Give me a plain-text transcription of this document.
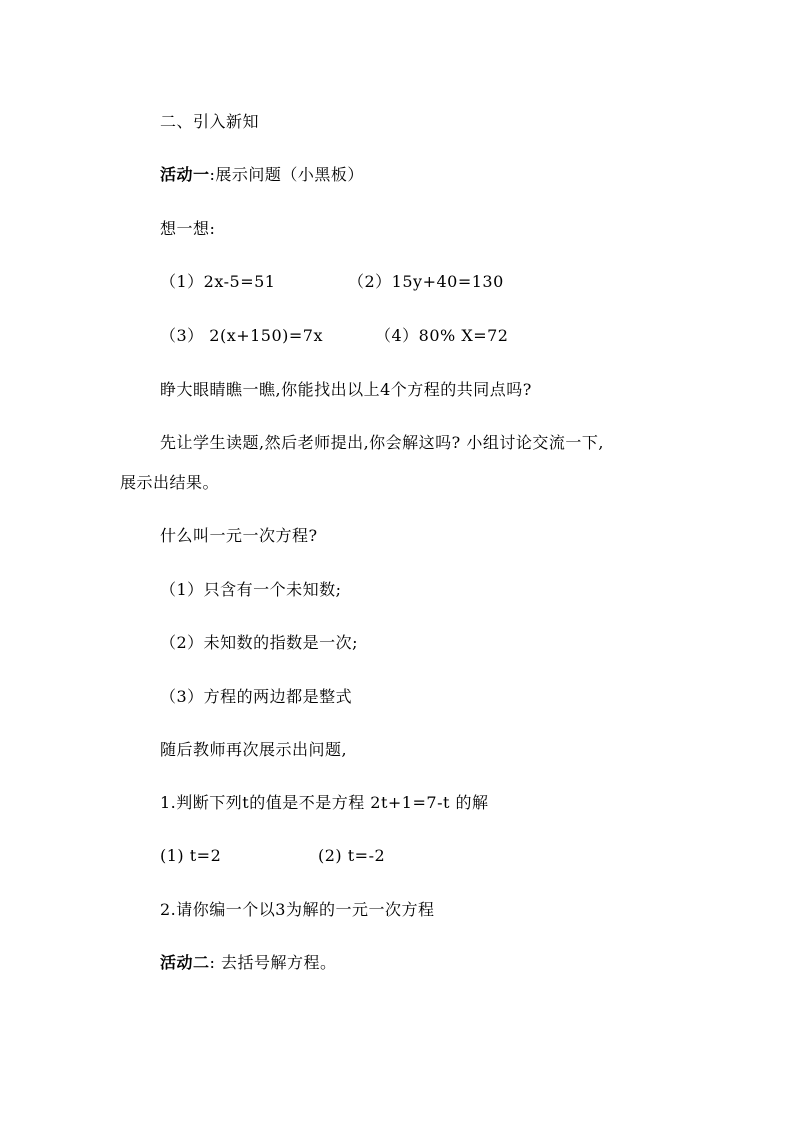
二、引入新知
活动一:展示问题（小黑板）
想一想:
（1）2x-5=51	（2）15y+40=130
（3） 2(x+150)=7x	（4）80% X=72
睁大眼睛瞧一瞧,你能找出以上4个方程的共同点吗?
先让学生读题,然后老师提出,你会解这吗? 小组讨论交流一下,
展示出结果。
什么叫一元一次方程?
（1）只含有一个未知数;
（2）未知数的指数是一次;
（3）方程的两边都是整式
随后教师再次展示出问题,
1.判断下列t的值是不是方程 2t+1=7-t 的解
(1) t=2	(2) t=-2
2.请你编一个以3为解的一元一次方程
活动二: 去括号解方程。
